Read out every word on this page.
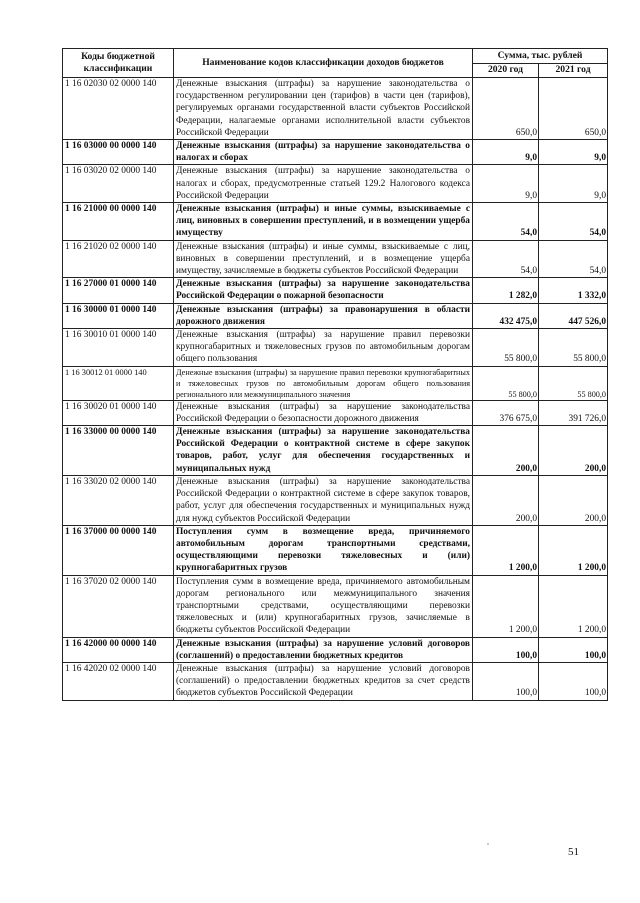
Коды бюджетной классификации	Наименование кодов классификации доходов бюджетов	Сумма, тыс. рублей	
		2020 год	2021 год
1 16 02030 02 0000 140	Денежные взыскания (штрафы) за нарушение законодательства о государственном регулировании цен (тарифов) в части цен (тарифов), регулируемых органами государственной власти субъектов Российской Федерации, налагаемые органами исполнительной власти субъектов Российской Федерации	650,0	650,0
1 16 03000 00 0000 140	Денежные взыскания (штрафы) за нарушение законодательства о налогах и сборах	9,0	9,0
1 16 03020 02 0000 140	Денежные взыскания (штрафы) за нарушение законодательства о налогах и сборах, предусмотренные статьей 129.2 Налогового кодекса Российской Федерации	9,0	9,0
1 16 21000 00 0000 140	Денежные взыскания (штрафы) и иные суммы, взыскиваемые с лиц, виновных в совершении преступлений, и в возмещении ущерба имуществу	54,0	54,0
1 16 21020 02 0000 140	Денежные взыскания (штрафы) и иные суммы, взыскиваемые с лиц, виновных в совершении преступлений, и в возмещение ущерба имуществу, зачисляемые в бюджеты субъектов Российской Федерации	54,0	54,0
1 16 27000 01 0000 140	Денежные взыскания (штрафы) за нарушение законодательства Российской Федерации о пожарной безопасности	1 282,0	1 332,0
1 16 30000 01 0000 140	Денежные взыскания (штрафы) за правонарушения в области дорожного движения	432 475,0	447 526,0
1 16 30010 01 0000 140	Денежные взыскания (штрафы) за нарушение правил перевозки крупногабаритных и тяжеловесных грузов по автомобильным дорогам общего пользования	55 800,0	55 800,0
1 16 30012 01 0000 140	Денежные взыскания (штрафы) за нарушение правил перевозки крупногабаритных и тяжеловесных грузов по автомобильным дорогам общего пользования регионального или межмуниципального значения	55 800,0	55 800,0
1 16 30020 01 0000 140	Денежные взыскания (штрафы) за нарушение законодательства Российской Федерации о безопасности дорожного движения	376 675,0	391 726,0
1 16 33000 00 0000 140	Денежные взыскания (штрафы) за нарушение законодательства Российской Федерации о контрактной системе в сфере закупок товаров, работ, услуг для обеспечения государственных и муниципальных нужд	200,0	200,0
1 16 33020 02 0000 140	Денежные взыскания (штрафы) за нарушение законодательства Российской Федерации о контрактной системе в сфере закупок товаров, работ, услуг для обеспечения государственных и муниципальных нужд для нужд субъектов Российской Федерации	200,0	200,0
1 16 37000 00 0000 140	Поступления сумм в возмещение вреда, причиняемого автомобильным дорогам транспортными средствами, осуществляющими перевозки тяжеловесных и (или) крупногабаритных грузов	1 200,0	1 200,0
1 16 37020 02 0000 140	Поступления сумм в возмещение вреда, причиняемого автомобильным дорогам регионального или межмуниципального значения транспортными средствами, осуществляющими перевозки тяжеловесных и (или) крупногабаритных грузов, зачисляемые в бюджеты субъектов Российской Федерации	1 200,0	1 200,0
1 16 42000 00 0000 140	Денежные взыскания (штрафы) за нарушение условий договоров (соглашений) о предоставлении бюджетных кредитов	100,0	100,0
1 16 42020 02 0000 140	Денежные взыскания (штрафы) за нарушение условий договоров (соглашений) о предоставлении бюджетных кредитов за счет средств бюджетов субъектов Российской Федерации	100,0	100,0
51
